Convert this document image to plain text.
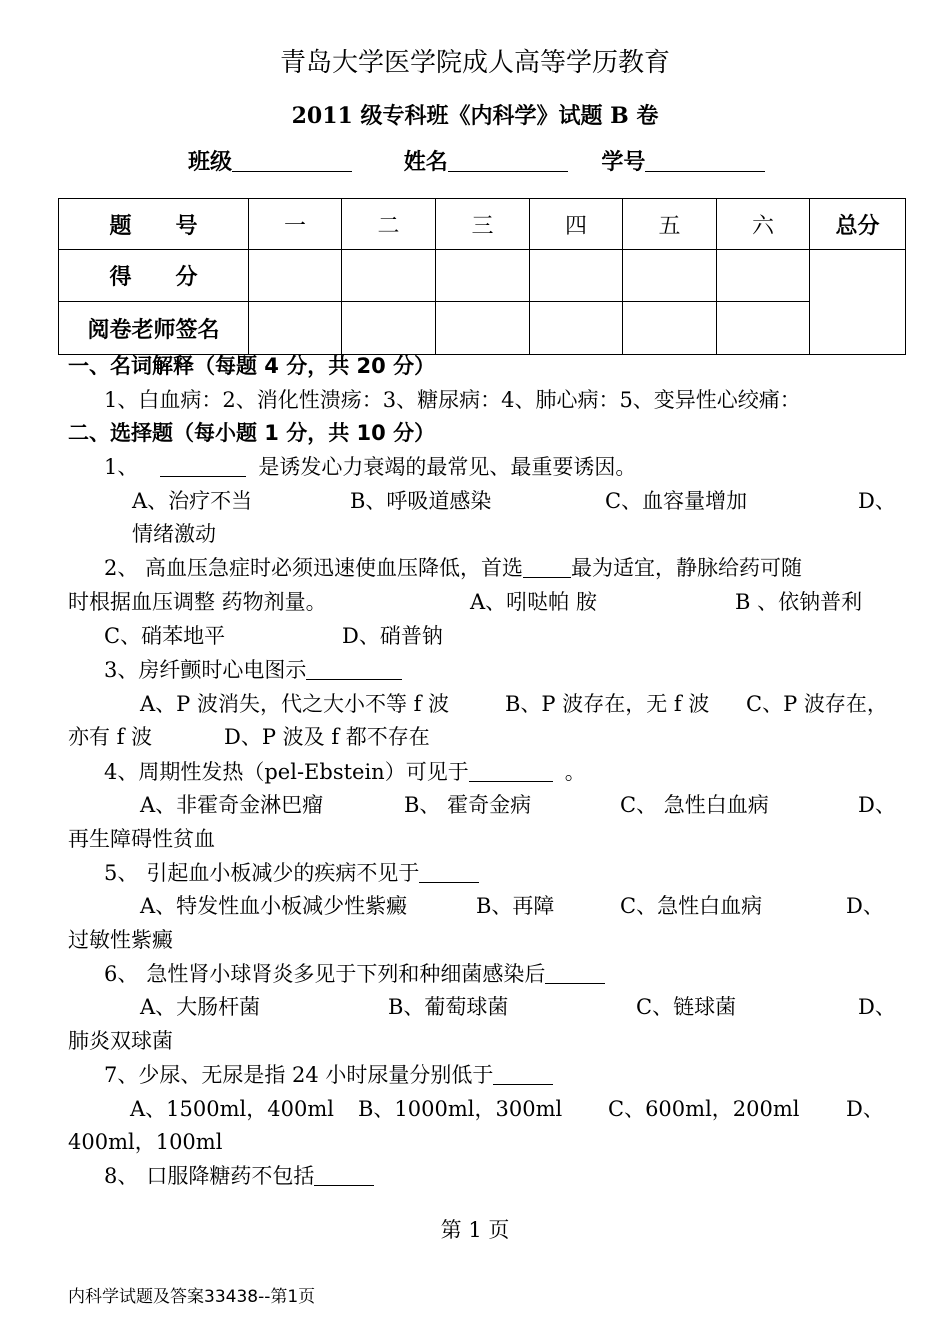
青岛大学医学院成人高等学历教育
2011 级专科班《内科学》试题 B 卷
班级	姓名	学号
题　　号	一	二	三	四	五	六	总分
得　　分							
阅卷老师签名							
一、名词解释（每题 4 分，共 20 分）
1、白血病：2、消化性溃疡：3、糖尿病：4、肺心病：5、变异性心绞痛：
二、选择题（每小题 1 分，共 10 分）
1、	是诱发心力衰竭的最常见、最重要诱因。
A、治疗不当	B、呼吸道感染	C、血容量增加	D、
情绪激动
2、 高血压急症时必须迅速使血压降低，首选 最为适宜，静脉给药可随
时根据血压调整 药物剂量。	A、吲哒帕 胺	B 、依钠普利
C、硝苯地平	D、硝普钠
3、房纤颤时心电图示
A、P 波消失，代之大小不等 f 波	B、P 波存在，无 f 波 C、P 波存在，
亦有 f 波	D、P 波及 f 都不存在
4、周期性发热（pel-Ebstein）可见于	。
A、非霍奇金淋巴瘤	B、 霍奇金病	C、 急性白血病	D、
再生障碍性贫血
5、 引起血小板减少的疾病不见于
A、特发性血小板减少性紫癜	B、再障	C、急性白血病	D、
过敏性紫癜
6、 急性肾小球肾炎多见于下列和种细菌感染后
A、大肠杆菌	B、葡萄球菌	C、链球菌	D、
肺炎双球菌
7、少尿、无尿是指 24 小时尿量分别低于
A、1500ml，400ml B、1000ml，300ml C、600ml，200ml D、
400ml，100ml
8、 口服降糖药不包括
第 1 页
内科学试题及答案33438--第1页
